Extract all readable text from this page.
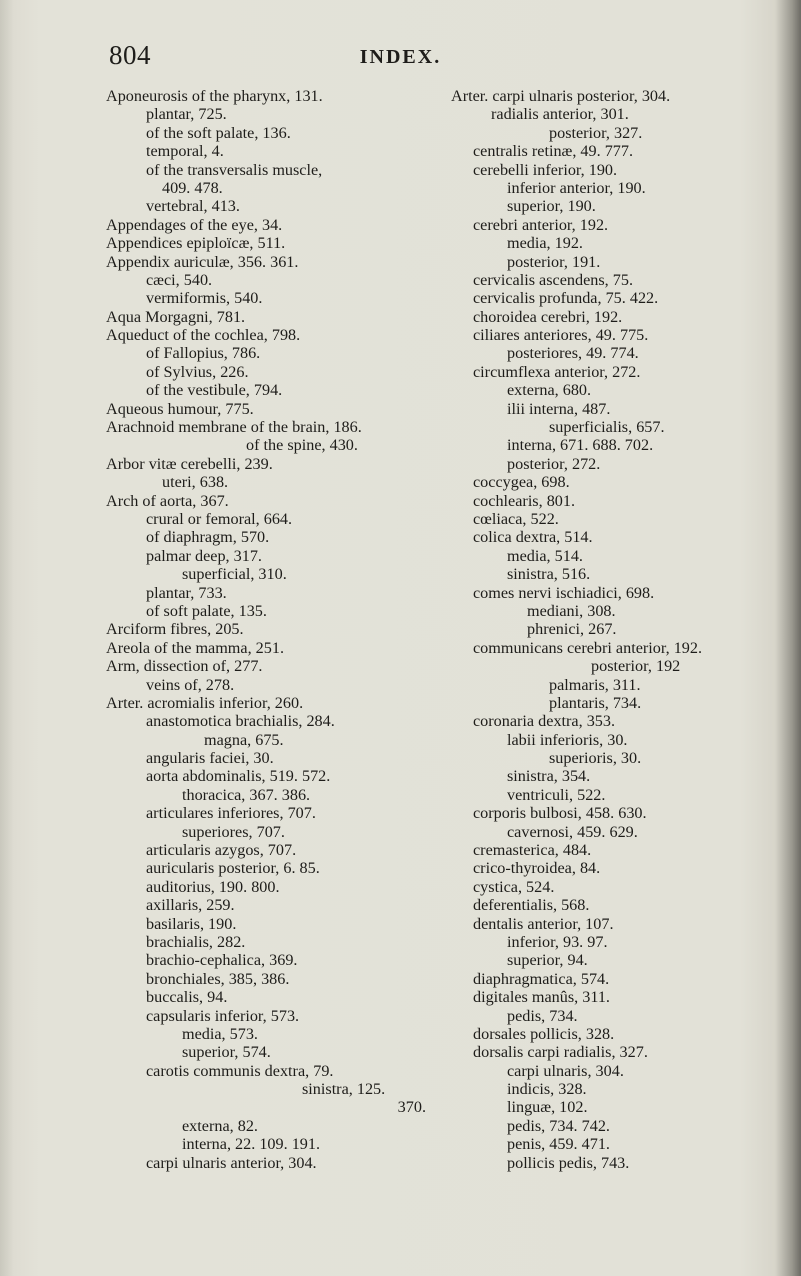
804	INDEX.
Aponeurosis of the pharynx, 131.
plantar, 725.
of the soft palate, 136.
temporal, 4.
of the transversalis muscle,
409. 478.
vertebral, 413.
Appendages of the eye, 34.
Appendices epiploïcæ, 511.
Appendix auriculæ, 356. 361.
cæci, 540.
vermiformis, 540.
Aqua Morgagni, 781.
Aqueduct of the cochlea, 798.
of Fallopius, 786.
of Sylvius, 226.
of the vestibule, 794.
Aqueous humour, 775.
Arachnoid membrane of the brain, 186.
of the spine, 430.
Arbor vitæ cerebelli, 239.
uteri, 638.
Arch of aorta, 367.
crural or femoral, 664.
of diaphragm, 570.
palmar deep, 317.
superficial, 310.
plantar, 733.
of soft palate, 135.
Arciform fibres, 205.
Areola of the mamma, 251.
Arm, dissection of, 277.
veins of, 278.
Arter. acromialis inferior, 260.
anastomotica brachialis, 284.
magna, 675.
angularis faciei, 30.
aorta abdominalis, 519. 572.
thoracica, 367. 386.
articulares inferiores, 707.
superiores, 707.
articularis azygos, 707.
auricularis posterior, 6. 85.
auditorius, 190. 800.
axillaris, 259.
basilaris, 190.
brachialis, 282.
brachio-cephalica, 369.
bronchiales, 385, 386.
buccalis, 94.
capsularis inferior, 573.
media, 573.
superior, 574.
carotis communis dextra, 79.
sinistra, 125.
370.
externa, 82.
interna, 22. 109. 191.
carpi ulnaris anterior, 304.
Arter. carpi ulnaris posterior, 304.
radialis anterior, 301.
posterior, 327.
centralis retinæ, 49. 777.
cerebelli inferior, 190.
inferior anterior, 190.
superior, 190.
cerebri anterior, 192.
media, 192.
posterior, 191.
cervicalis ascendens, 75.
cervicalis profunda, 75. 422.
choroidea cerebri, 192.
ciliares anteriores, 49. 775.
posteriores, 49. 774.
circumflexa anterior, 272.
externa, 680.
ilii interna, 487.
superficialis, 657.
interna, 671. 688. 702.
posterior, 272.
coccygea, 698.
cochlearis, 801.
cœliaca, 522.
colica dextra, 514.
media, 514.
sinistra, 516.
comes nervi ischiadici, 698.
mediani, 308.
phrenici, 267.
communicans cerebri anterior, 192.
posterior, 192
palmaris, 311.
plantaris, 734.
coronaria dextra, 353.
labii inferioris, 30.
superioris, 30.
sinistra, 354.
ventriculi, 522.
corporis bulbosi, 458. 630.
cavernosi, 459. 629.
cremasterica, 484.
crico-thyroidea, 84.
cystica, 524.
deferentialis, 568.
dentalis anterior, 107.
inferior, 93. 97.
superior, 94.
diaphragmatica, 574.
digitales manûs, 311.
pedis, 734.
dorsales pollicis, 328.
dorsalis carpi radialis, 327.
carpi ulnaris, 304.
indicis, 328.
linguæ, 102.
pedis, 734. 742.
penis, 459. 471.
pollicis pedis, 743.
